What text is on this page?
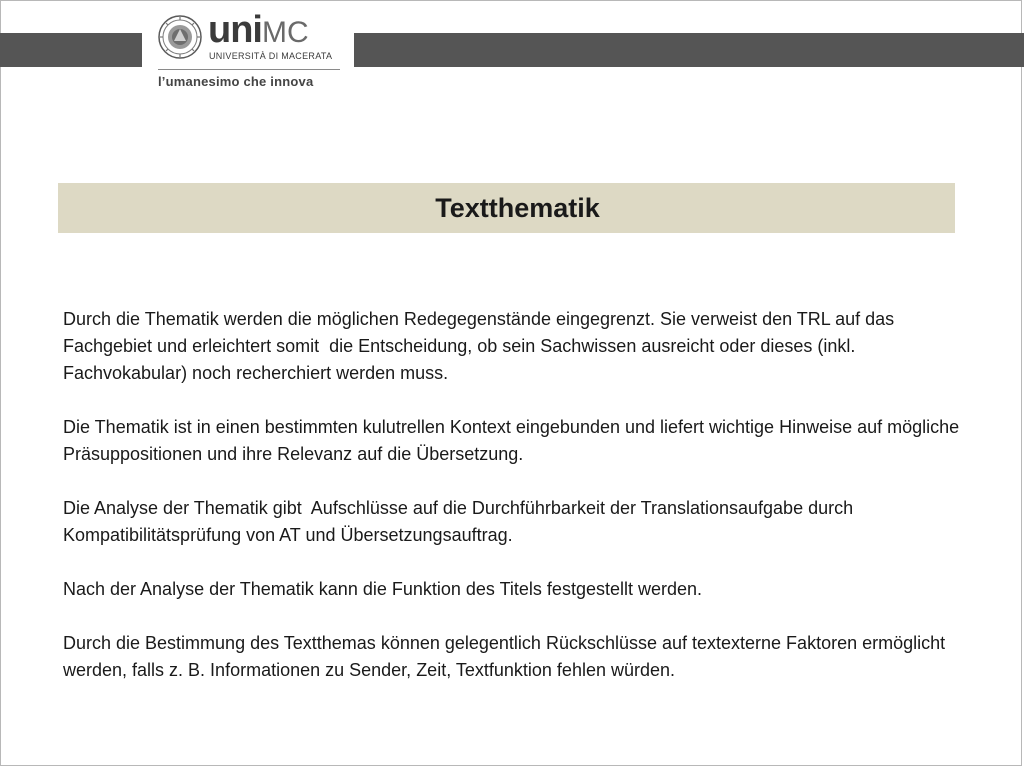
uniMC
UNIVERSITÀ DI MACERATA
l’umanesimo che innova
Textthematik

Durch die Thematik werden die möglichen Redegegenstände eingegrenzt. Sie verweist den TRL auf das Fachgebiet und erleichtert somit  die Entscheidung, ob sein Sachwissen ausreicht oder dieses (inkl. Fachvokabular) noch recherchiert werden muss.

Die Thematik ist in einen bestimmten kulutrellen Kontext eingebunden und liefert wichtige Hinweise auf mögliche Präsuppositionen und ihre Relevanz auf die Übersetzung.

Die Analyse der Thematik gibt  Aufschlüsse auf die Durchführbarkeit der Translationsaufgabe durch Kompatibilitätsprüfung von AT und Übersetzungsauftrag.

Nach der Analyse der Thematik kann die Funktion des Titels festgestellt werden.

Durch die Bestimmung des Textthemas können gelegentlich Rückschlüsse auf textexterne Faktoren ermöglicht werden, falls z. B. Informationen zu Sender, Zeit, Textfunktion fehlen würden.
